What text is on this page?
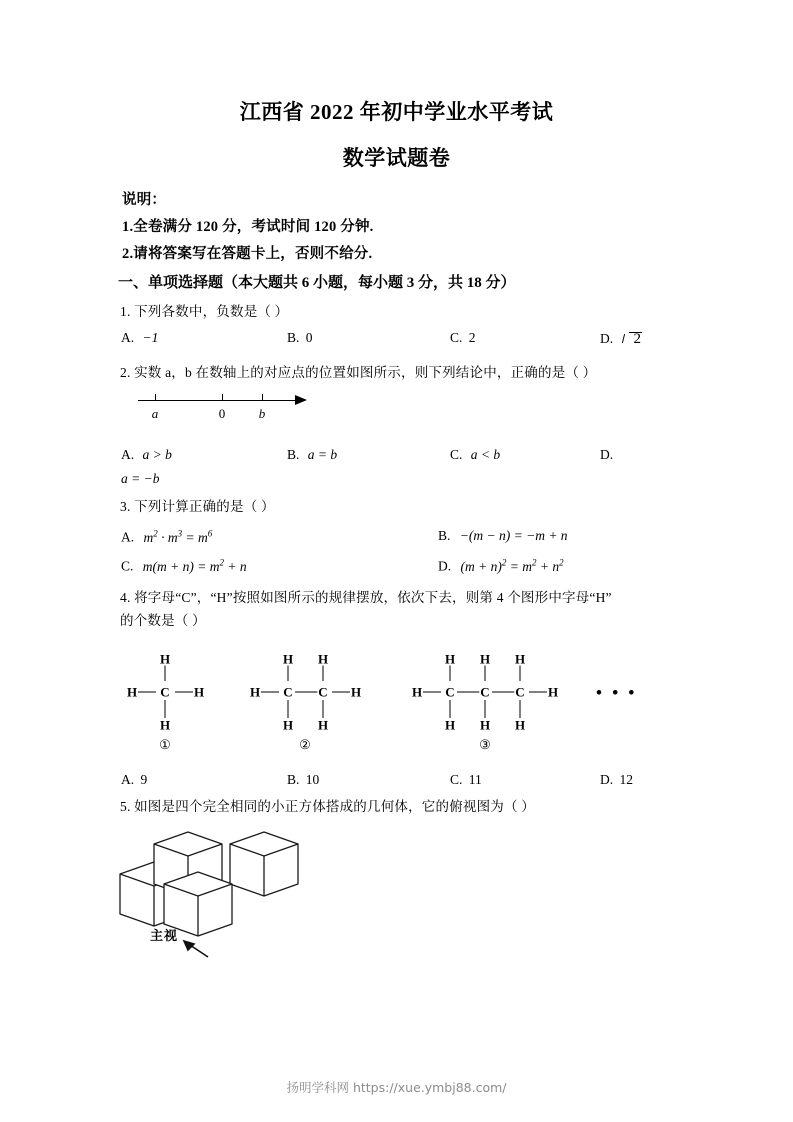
江西省 2022 年初中学业水平考试
数学试题卷
说明：
1.全卷满分 120 分，考试时间 120 分钟.
2.请将答案写在答题卡上，否则不给分.
一、单项选择题（本大题共 6 小题，每小题 3 分，共 18 分）
1. 下列各数中，负数是（ ）
A. −1	B. 0	C. 2	D. 2
2. 实数 a，b 在数轴上的对应点的位置如图所示，则下列结论中，正确的是（ ）
a	0	b
A. a > b	B. a = b	C. a < b	D.
a = −b
3. 下列计算正确的是（ ）
A. $m^2 \cdot m^3 = m^6$	B. −(m − n) = −m + n
C. $m(m + n) = m^2 + n$	D. $(m + n)^2 = m^2 + n^2$
4. 将字母“C”，“H”按照如图所示的规律摆放，依次下去，则第 4 个图形中字母“H”
的个数是（ ）
H
H
H	H
C
①
H H
H H
H	H
C C
②
H H H
H H H
H	H
C C C
③
• • •
A. 9	B. 10	C. 11	D. 12
5. 如图是四个完全相同的小正方体搭成的几何体，它的俯视图为（ ）
主视
扬明学科网 https://xue.ymbj88.com/
